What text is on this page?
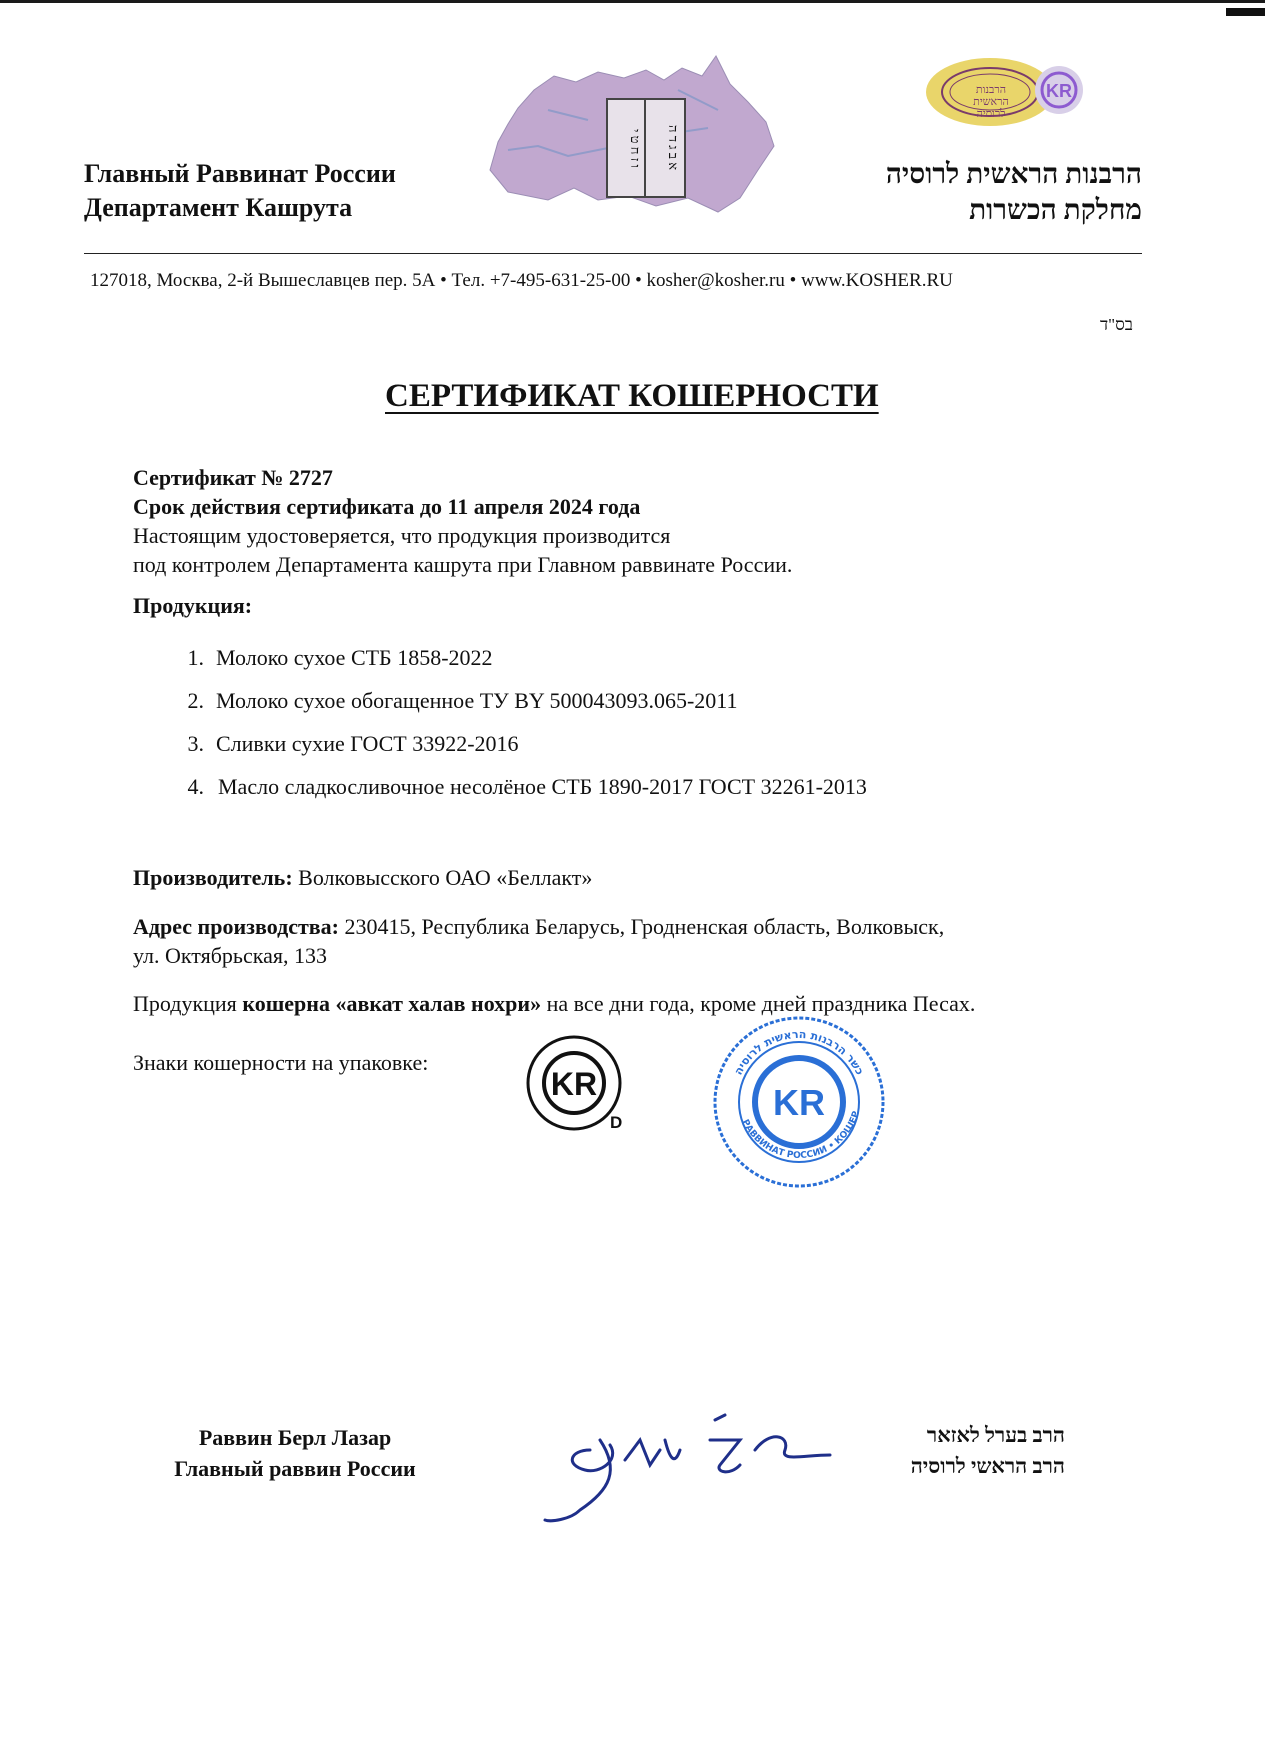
Главный Раввинат России
Департамент Кашрута
ו ז ח ט י	א ב ג ד ה
KR
הרבנות הראשית לרוסיה
הרבנות הראשית לרוסיה
מחלקת הכשרות
127018, Москва, 2-й Вышеславцев пер. 5А • Тел. +7-495-631-25-00 • kosher@kosher.ru • www.KOSHER.RU
בס"ד
СЕРТИФИКАТ КОШЕРНОСТИ
Сертификат № 2727
Срок действия сертификата до 11 апреля 2024 года
Настоящим удостоверяется, что продукция производится
под контролем Департамента кашрута при Главном раввинате России.
Продукция:
1. Молоко сухое СТБ 1858-2022
2. Молоко сухое обогащенное ТУ BY 500043093.065-2011
3. Сливки сухие ГОСТ 33922-2016
4. Масло сладкосливочное несолёное СТБ 1890-2017 ГОСТ 32261-2013
Производитель: Волковысского ОАО «Беллакт»
Адрес производства: 230415, Республика Беларусь, Гродненская область, Волковыск,
ул. Октябрьская, 133
Продукция кошерна «авкат халав нохри» на все дни года, кроме дней праздника Песах.
Знаки кошерности на упаковке:
KR
D	KR
כשר הרבנות הראשית לרוסיה
РАВВИНАТ РОССИИ • КОШЕР
Раввин Берл Лазар
Главный раввин России
הרב בערל לאזאר
הרב הראשי לרוסיה
